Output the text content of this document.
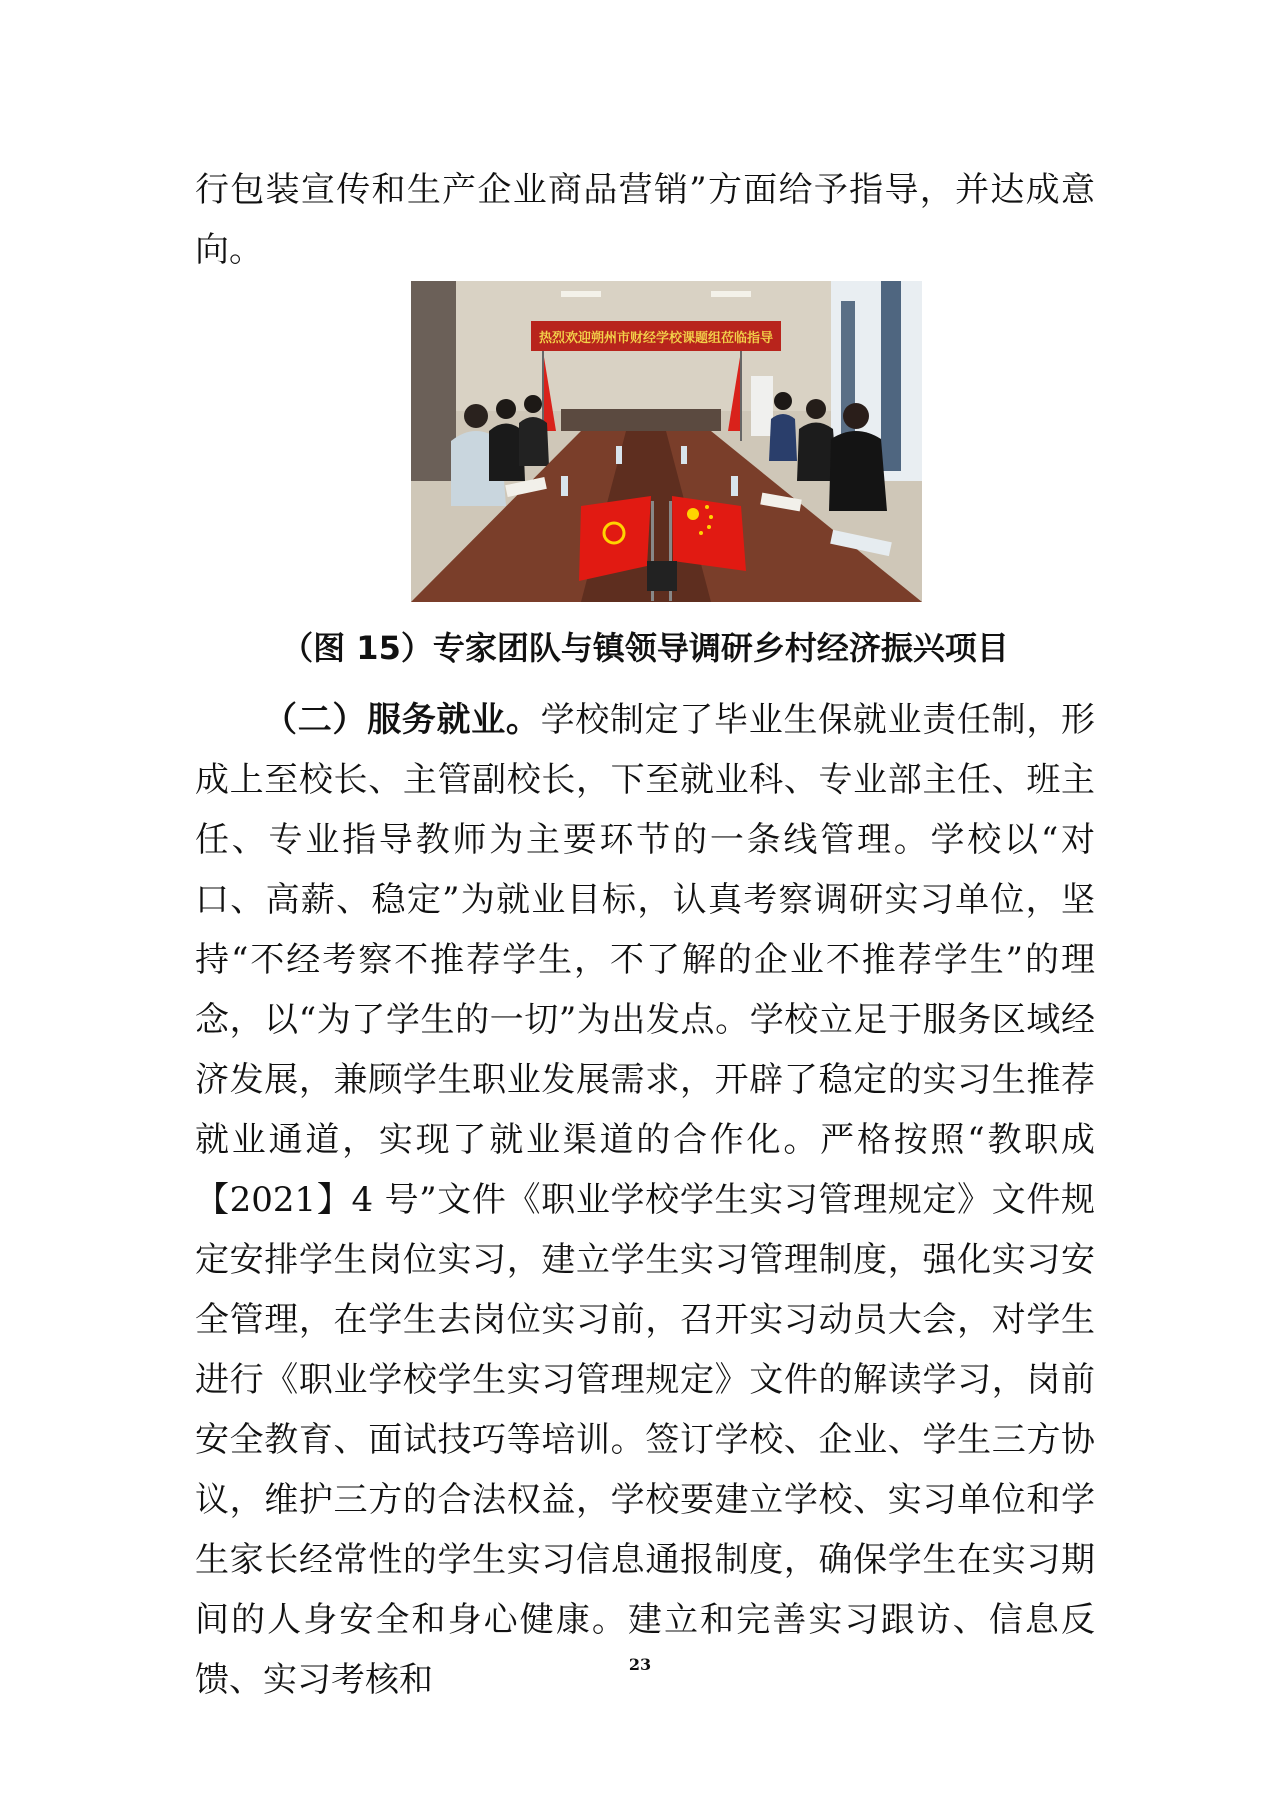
行包装宣传和生产企业商品营销”方面给予指导，并达成意向。

热烈欢迎朔州市财经学校课题组莅临指导
（图 15）专家团队与镇领导调研乡村经济振兴项目

（二）服务就业。学校制定了毕业生保就业责任制，形成上至校长、主管副校长，下至就业科、专业部主任、班主任、专业指导教师为主要环节的一条线管理。学校以“对口、高薪、稳定”为就业目标，认真考察调研实习单位，坚持“不经考察不推荐学生，不了解的企业不推荐学生”的理念，以“为了学生的一切”为出发点。学校立足于服务区域经济发展，兼顾学生职业发展需求，开辟了稳定的实习生推荐就业通道，实现了就业渠道的合作化。严格按照“教职成【2021】4 号”文件《职业学校学生实习管理规定》文件规定安排学生岗位实习，建立学生实习管理制度，强化实习安全管理，在学生去岗位实习前，召开实习动员大会，对学生进行《职业学校学生实习管理规定》文件的解读学习，岗前安全教育、面试技巧等培训。签订学校、企业、学生三方协议，维护三方的合法权益，学校要建立学校、实习单位和学生家长经常性的学生实习信息通报制度，确保学生在实习期间的人身安全和身心健康。建立和完善实习跟访、信息反馈、实习考核和	23
